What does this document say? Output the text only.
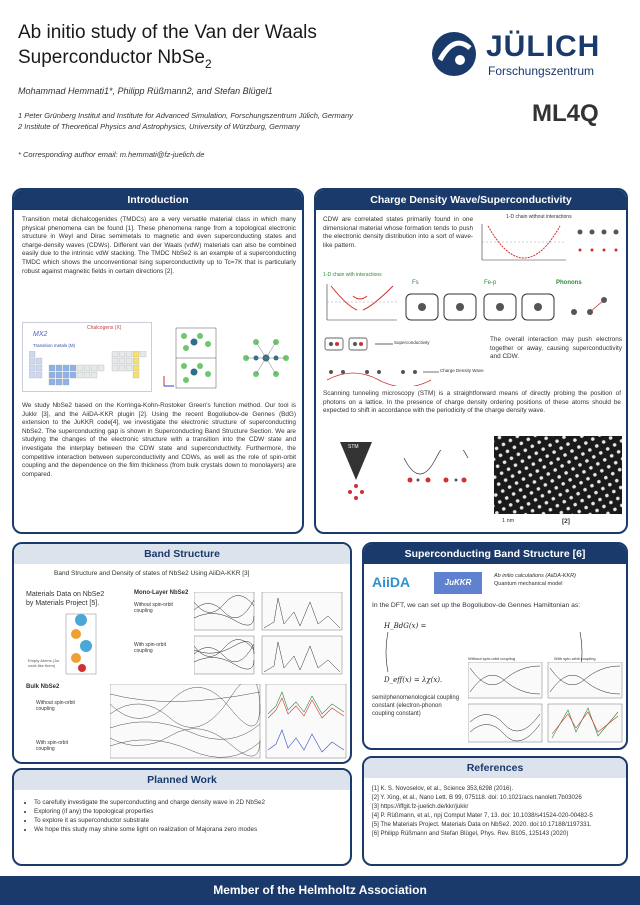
Ab initio study of the Van der Waals
Superconductor NbSe$_2$
Mohammad Hemmati1*, Philipp Rüßmann2, and Stefan Blügel1
1 Peter Grünberg Institut and Institute for Advanced Simulation, Forschungszentrum Jülich, Germany
2 Institute of Theoretical Physics and Astrophysics, University of Würzburg, Germany
* Corresponding author email: m.hemmati@fz-juelich.de
JÜLICH
Forschungszentrum
ML4Q
Introduction
Transition metal dichalcogenides (TMDCs) are a very versatile material class in which many physical phenomena can be found [1]. These phenomena range from a topological electronic structure in Weyl and Dirac semimetals to magnetic and even superconducting states and charge-density waves (CDWs). Different van der Waals (vdW) materials can also be combined easily due to the intrinsic vdW stacking. The TMDC NbSe2 is an example of a superconducting TMDC which shows the unconventional Ising superconductivity up to Tc=7K that is particularly robust against magnetic fields in certain directions [2].
MX2
Chalcogens (X)
Transition metals (M)
We study NbSe2 based on the Korringa-Kohn-Rostoker Green's function method. Our tool is Jukkr [3], and the AiiDA-KKR plugin [2]. Using the recent Bogoliubov-de Gennes (BdG) extension to the JuKKR code[4], we investigate the electronic structure of superconducting NbSe2. The superconducting gap is shown in Superconducting Band Structure Section. We are studying the changes of the electronic structure with a transition into the CDW state and investigate the interplay between the CDW state and superconductivity. Furthermore, the competitive interaction between superconductivity and CDWs, as well as the role of spin-orbit coupling and the dependence on the film thickness (from bulk crystals down to monolayers) are compared.
Charge Density Wave/Superconductivity
CDW are correlated states primarily found in one dimensional material whose formation tends to push the electronic density distribution into a sort of wave-like pattern.
1-D chain without interactions
1-D chain with interactions
Fs	Fe-p	Phonons
Superconductivity
Charge Density Wave
The overall interaction may push electrons together or away, causing superconductivity and CDW.
Scanning tunneling microscopy (STM) is a straightforward means of directly probing the position of photons on a lattice. In the presence of charge density ordering positions of these atoms should be expected to shift in accordance with the periodicity of the charge density wave.
STM
1 nm	[2]
Band Structure
Band Structure and Density of states of NbSe2 Using AiiDA-KKR [3]
Materials Data on NbSe2
by Materials Project [5].
Empty Atoms (Jur code like them)
Mono-Layer NbSe2
Without spin-orbit coupling
With spin-orbit coupling
Bulk NbSe2
Without spin-orbit coupling
With spin-orbit coupling
Planned Work
• To carefully investigate the superconducting and charge density wave in 2D NbSe2
• Exploring (if any) the topological properties
• To explore it as superconductor substrate
• We hope this study may shine some light on realization of Majorana zero modes
Superconducting Band Structure [6]
AiiDA	JuKKR
Ab initio calculations (AiiDA-KKR)
Quantum mechanical model
In the DFT, we can set up the Bogoliubov-de Gennes Hamiltonian as:
H_BdG(x) =
D_eff(x) = λχ(x).
Without spin-orbit coupling	With spin-orbit coupling
semi/phenomenological coupling constant (electron-phonon coupling constant)
References
[1] K. S. Novoselov, et al., Science 353,6298 (2016).
[2] Y. Xing, et al., Nano Lett. B 99, 075118. doi: 10.1021/acs.nanolett.7b03026
[3] https://iffgit.fz-juelich.de/kkr/jukkr
[4] P. Rüßmann, et al., npj Comput Mater 7, 13. doi: 10.1038/s41524-020-00482-5
[5] The Materials Project. Materials Data on NbSe2. 2020. doi:10.17188/1197331.
[6] Philipp Rüßmann and Stefan Blügel, Phys. Rev. B105, 125143 (2020)
Member of the Helmholtz Association
